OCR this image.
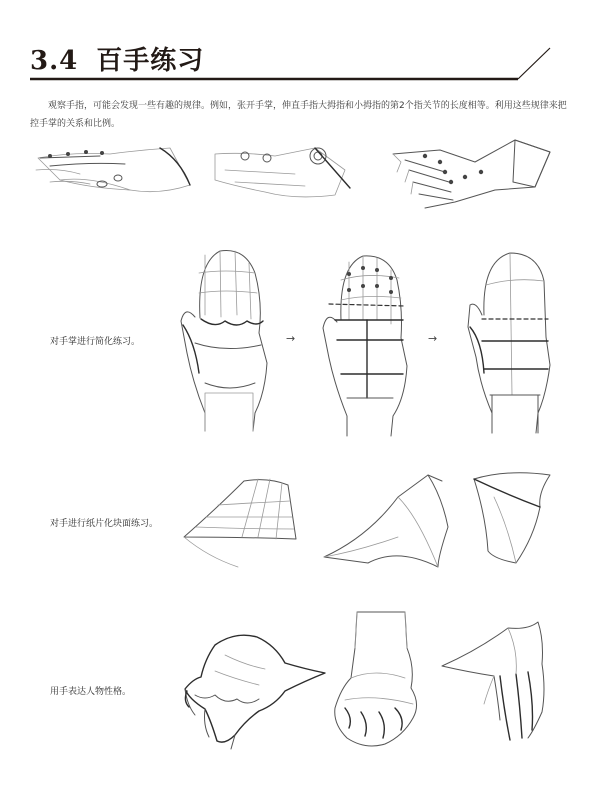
3.4 百手练习

观察手指，可能会发现一些有趣的规律。例如，张开手掌，伸直手指大拇指和小拇指的第2个指关节的长度相等。利用这些规律来把控手掌的关系和比例。

对手掌进行简化练习。	→	→
对手进行纸片化块面练习。
用手表达人物性格。
